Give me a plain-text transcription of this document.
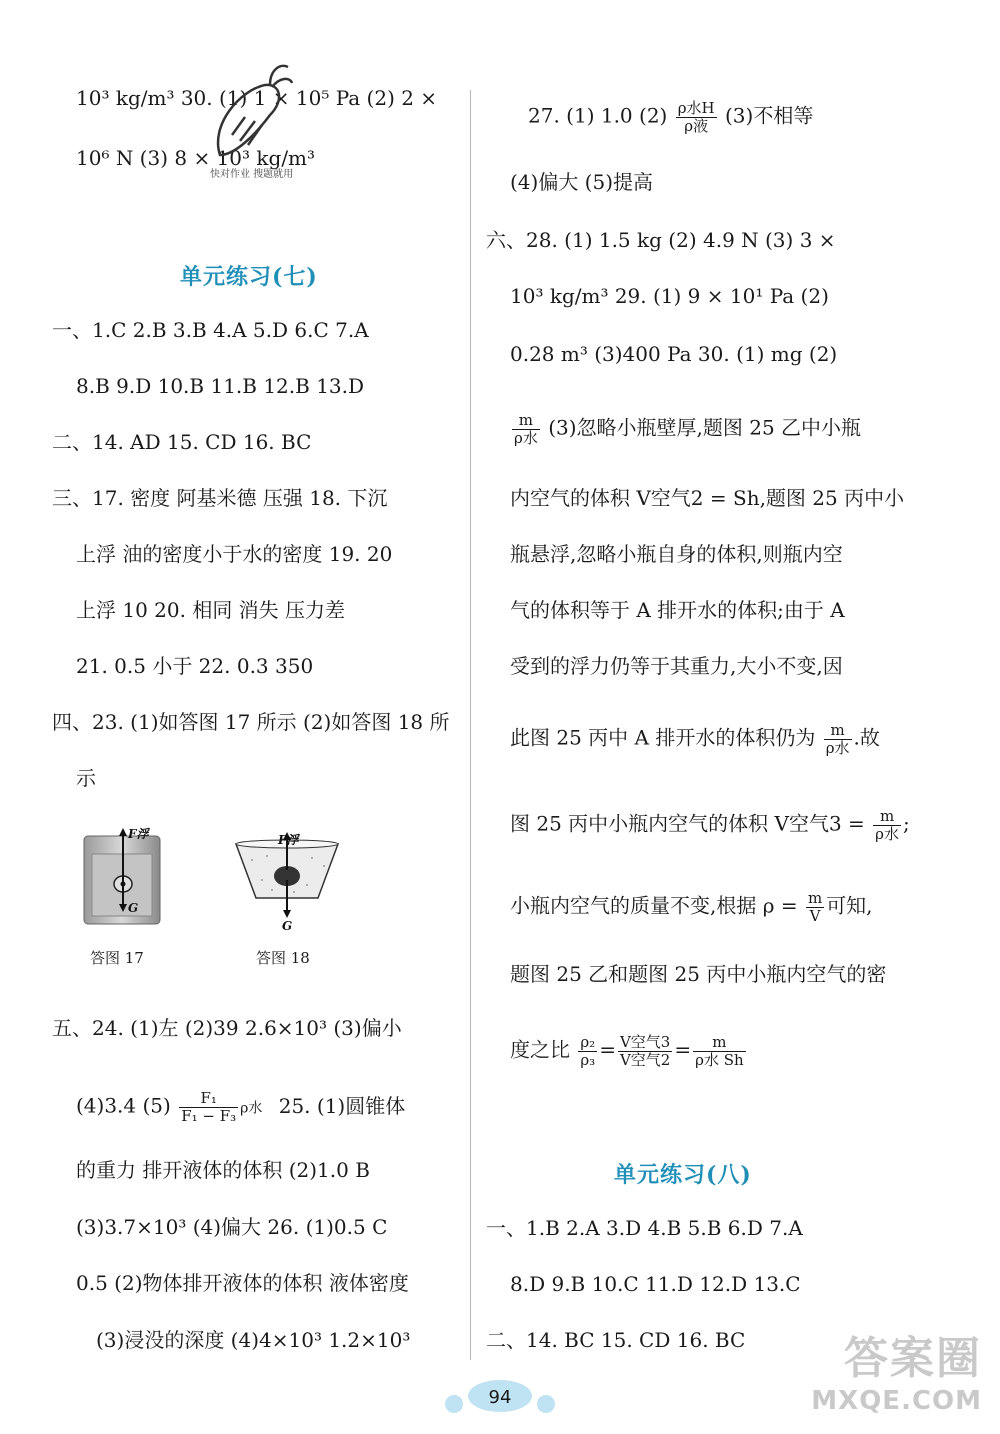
10³ kg/m³ 30. (1) 1 × 10⁵ Pa (2) 2 ×
10⁶ N (3) 8 × 10³ kg/m³
快对作业 搜题就用
单元练习(七)
一、1.C 2.B 3.B 4.A 5.D 6.C 7.A
8.B 9.D 10.B 11.B 12.B 13.D
二、14. AD 15. CD 16. BC
三、17. 密度 阿基米德 压强 18. 下沉
上浮 油的密度小于水的密度 19. 20
上浮 10 20. 相同 消失 压力差
21. 0.5 小于 22. 0.3 350
四、23. (1)如答图 17 所示 (2)如答图 18 所
示
F浮
G
答图 17
F浮
G
答图 18
五、24. (1)左 (2)39 2.6×10³ (3)偏小
(4)3.4 $(5) \frac{\text{F₁}}{\text{F₁ − F₃}}$ ρ水 25. (1)圆锥体
的重力 排开液体的体积 (2)1.0 B
(3)3.7×10³ (4)偏大 26. (1)0.5 C
0.5 (2)物体排开液体的体积 液体密度
(3)浸没的深度 (4)4×10³ 1.2×10³
27. (1) 1.0 $(2) \frac{\text{ρ水H}}{\text{ρ液}} (3)$不相等
(4)偏大 (5)提高
六、28. (1) 1.5 kg (2) 4.9 N (3) 3 ×
10³ kg/m³ 29. (1) 9 × 10¹ Pa (2)
0.28 m³ (3)400 Pa 30. (1) mg (2)
$\frac{m}{\text{ρ水}} (3)$忽略小瓶壁厚,题图 25 乙中小瓶
内空气的体积 V空气2 = Sh,题图 25 丙中小
瓶悬浮,忽略小瓶自身的体积,则瓶内空
气的体积等于 A 排开水的体积;由于 A
受到的浮力仍等于其重力,大小不变,因
此图 25 丙中 A 排开水的体积仍为 $\frac{m}{\text{ρ水}}$ .故
图 25 丙中小瓶内空气的体积 V空气$3 = \frac{m}{\text{ρ水}}$ ;
小瓶内空气的质量不变,根据 $\rho = \frac{m}{V}$ 可知,
题图 25 乙和题图 25 丙中小瓶内空气的密
度之比 $\frac{\text{ρ₂}}{\text{ρ₃}} = \frac{\text{V空气3}}{\text{V空气2}} = \frac{m}{\text{ρ水 Sh}}$
单元练习(八)
一、1.B 2.A 3.D 4.B 5.B 6.D 7.A
8.D 9.B 10.C 11.D 12.D 13.C
二、14. BC 15. CD 16. BC
94
答案圈
MXQE.COM
